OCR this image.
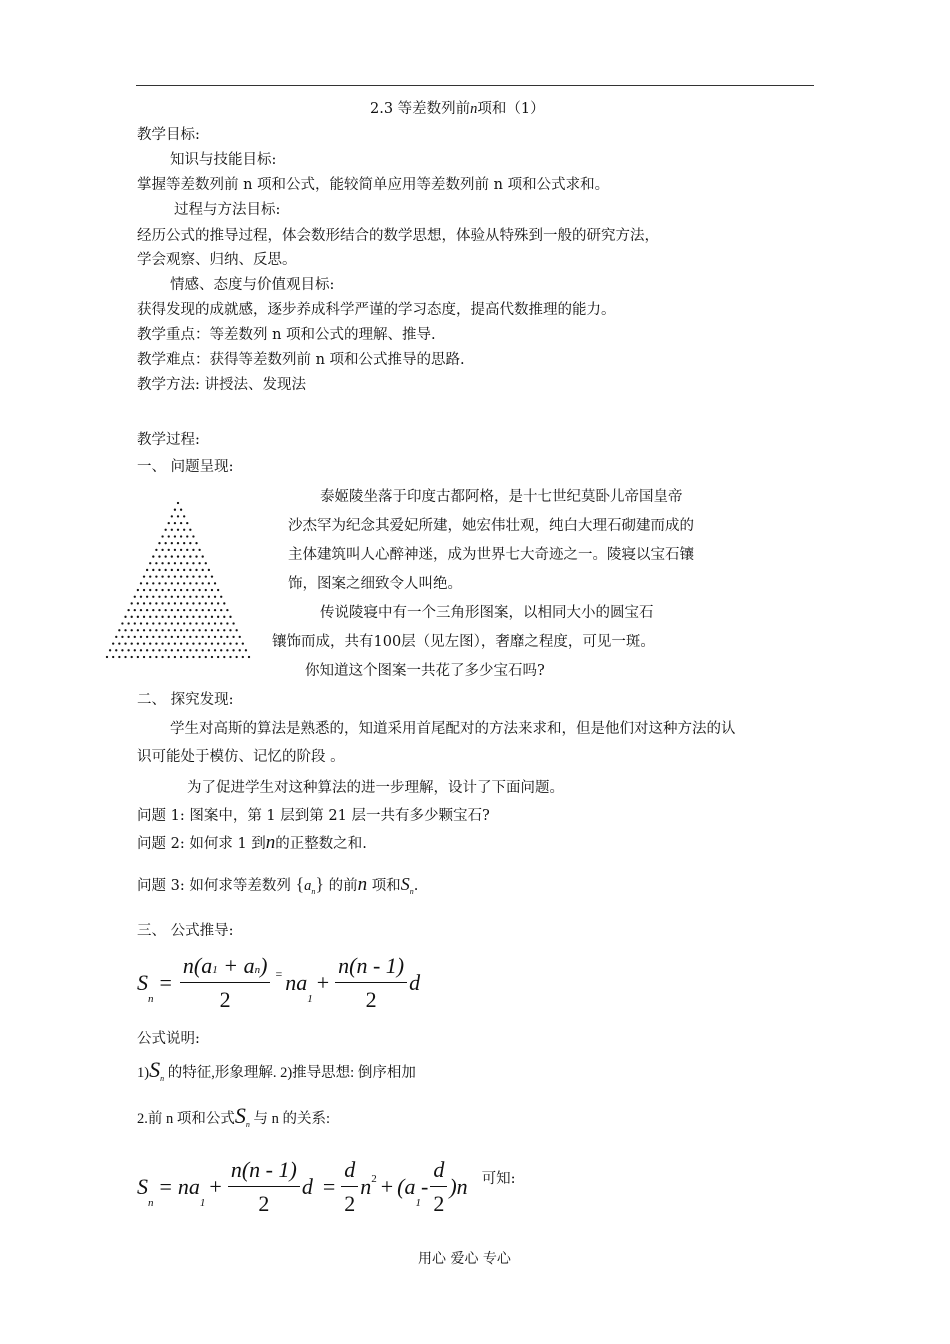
2.3 等差数列前n项和（1）
教学目标:
知识与技能目标:
掌握等差数列前 n 项和公式，能较简单应用等差数列前 n 项和公式求和。
过程与方法目标:
经历公式的推导过程，体会数形结合的数学思想，体验从特殊到一般的研究方法，
学会观察、归纳、反思。
情感、态度与价值观目标:
获得发现的成就感，逐步养成科学严谨的学习态度，提高代数推理的能力。
教学重点：等差数列 n 项和公式的理解、推导.
教学难点：获得等差数列前 n 项和公式推导的思路.
教学方法: 讲授法、发现法
教学过程:
一、 问题呈现:
泰姬陵坐落于印度古都阿格，是十七世纪莫卧儿帝国皇帝
沙杰罕为纪念其爱妃所建，她宏伟壮观，纯白大理石砌建而成的
主体建筑叫人心醉神迷，成为世界七大奇迹之一。陵寝以宝石镶
饰，图案之细致令人叫绝。
传说陵寝中有一个三角形图案，以相同大小的圆宝石
镶饰而成，共有100层（见左图），奢靡之程度，可见一斑。
你知道这个图案一共花了多少宝石吗?
二、 探究发现:
学生对高斯的算法是熟悉的，知道采用首尾配对的方法来求和，但是他们对这种方法的认
识可能处于模仿、记忆的阶段 。
为了促进学生对这种算法的进一步理解，设计了下面问题。
问题 1: 图案中，第 1 层到第 21 层一共有多少颗宝石?
问题 2: 如何求 1 到n的正整数之和.
问题 3: 如何求等差数列 $\{a_n\}$ 的前n 项和$S_n$.
三、 公式推导:
S
n
= $\frac{n(a1 + an)}{2}$ = na
1
+ $\frac{n(n - 1)}{2}$ d
公式说明:
$1)S_n$ 的特征,形象理解. 2)推导思想: 倒序相加
2.前 n 项和公式$S_n$ 与 n 的关系:
S
n
= na
1
+ $\frac{n(n - 1)}{2}$ $d = \frac{d}{2}$ n 2 + (a
1
- $\frac{d}{2} )n$ 可知:
用心 爱心 专心
